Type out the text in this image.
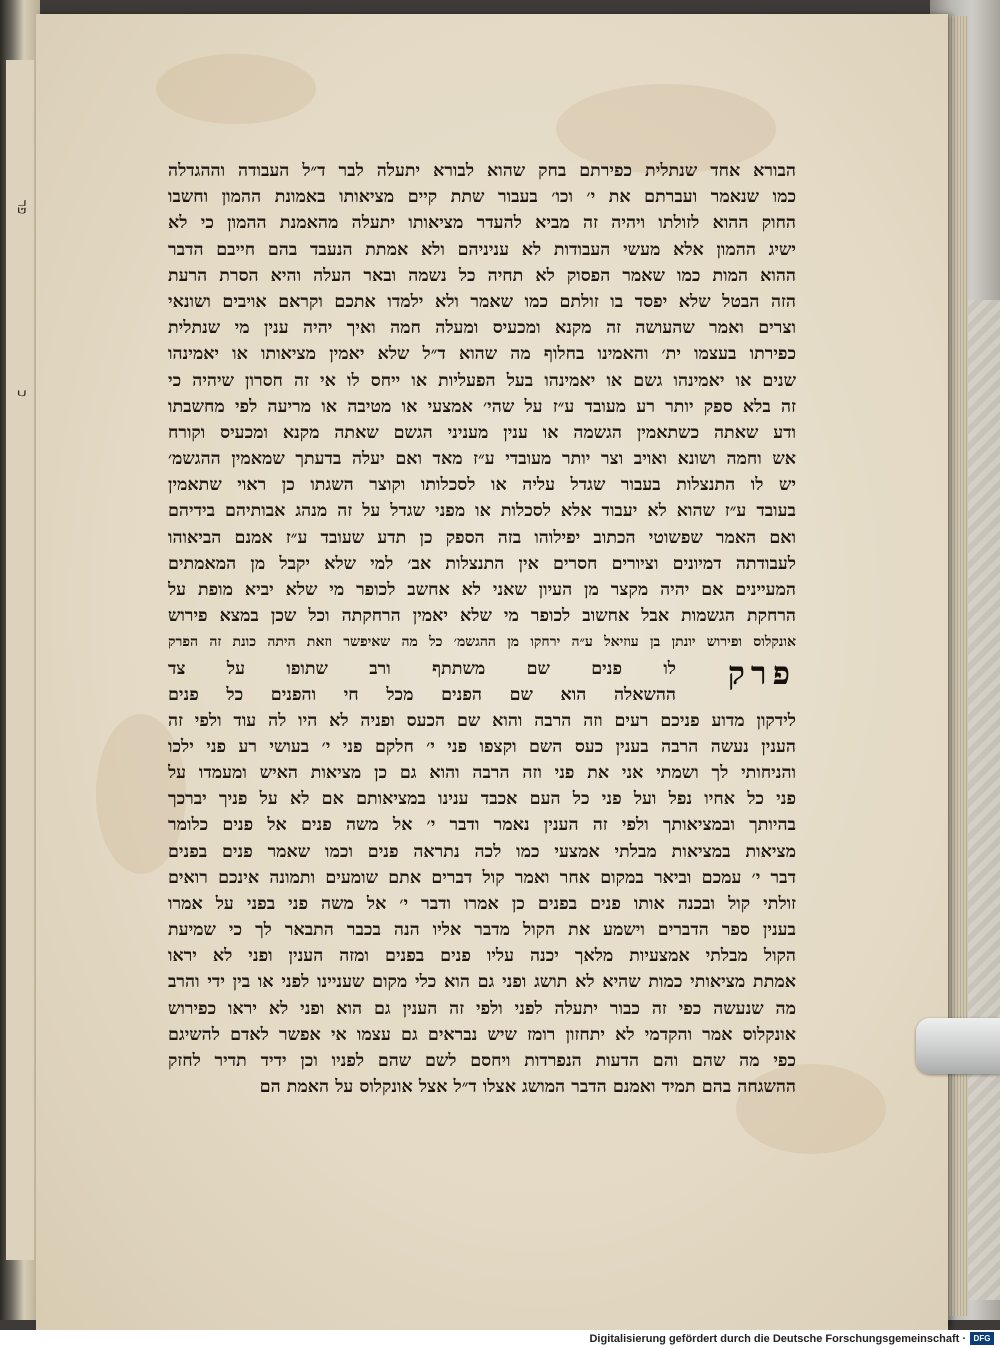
פר
כ
הבורא אחד שנתלית כפירתם בחק שהוא לבורא יתעלה לבר ד״ל העבודה וההגדלה
כמו שנאמר ועברתם את י׳ וכו׳ בעבור שתת קיים מציאותו באמונת ההמון וחשבו
החוק ההוא לזולתו ויהיה זה מביא להעדר מציאותו יתעלה מהאמנת ההמון כי לא
ישיג ההמון אלא מעשי העבודות לא עניניהם ולא אמתת הנעבד בהם חייבם הדבר
ההוא המות כמו שאמר הפסוק לא תחיה כל נשמה ובאר העלה והיא הסרת הרעת
הזה הבטל שלא יפסד בו זולתם כמו שאמר ולא ילמדו אתכם וקראם אויבים ושונאי
וצרים ואמר שהעושה זה מקנא ומכעיס ומעלה חמה ואיך יהיה ענין מי שנתלית
כפירתו בעצמו ית׳ והאמינו בחלוף מה שהוא ד״ל שלא יאמין מציאותו או יאמינהו
שנים או יאמינהו גשם או יאמינהו בעל הפעליות או ייחס לו אי זה חסרון שיהיה כי
זה בלא ספק יותר רע מעובד ע״ז על שהי׳ אמצעי או מטיבה או מריעה לפי מחשבתו
ודע שאתה כשתאמין הגשמה או ענין מעניני הגשם שאתה מקנא ומכעיס וקורח
אש וחמה ושונא ואויב וצר יותר מעובדי ע״ז מאד ואם יעלה בדעתך שמאמין ההגשמ׳
יש לו התנצלות בעבור שגדל עליה או לסכלותו וקוצר השגתו כן ראוי שתאמין
בעובד ע״ז שהוא לא יעבוד אלא לסכלות או מפני שגדל על זה מנהג אבותיהם בידיהם
ואם האמר שפשוטי הכתוב יפילוהו בזה הספק כן תדע שעובד ע״ז אמנם הביאוהו
לעבודתה דמיונים וציורים חסרים אין התנצלות אב׳ למי שלא יקבל מן המאמתים
המעיינים אם יהיה מקצר מן העיון שאני לא אחשב לכופר מי שלא יביא מופת על
הרחקת הגשמות אבל אחשוב לכופר מי שלא יאמין הרחקתה וכל שכן במצא פירוש
אונקלוס ופירוש יונתן בן עוזיאל ע״ה ירחקו מן ההגשמ׳ כל מה שאיפשר וזאת היתה כונת זה הפרק
פרק
לו פנים שם משתתף ורב שתופו על צד
ההשאלה הוא שם הפנים מכל חי והפנים כל פנים
לידקון מדוע פניכם רעים וזה הרבה והוא שם הכעס ופניה לא היו לה עוד ולפי זה
הענין נעשה הרבה בענין כעס השם וקצפו פני י׳ חלקם פני י׳ בעושי רע פני ילכו
והניחותי לך ושמתי אני את פני וזה הרבה והוא גם כן מציאות האיש ומעמדו על
פני כל אחיו נפל ועל פני כל העם אכבד ענינו במציאותם אם לא על פניך יברכך
בהיותך ובמציאותך ולפי זה הענין נאמר ודבר י׳ אל משה פנים אל פנים כלומר
מציאות במציאות מבלתי אמצעי כמו לכה נתראה פנים וכמו שאמר פנים בפנים
דבר י׳ עמכם וביאר במקום אחר ואמר קול דברים אתם שומעים ותמונה אינכם רואים
זולתי קול ובכנה אותו פנים בפנים כן אמרו ודבר י׳ אל משה פני בפני על אמרו
בענין ספר הדברים וישמע את הקול מדבר אליו הנה בכבר התבאר לך כי שמיעת
הקול מבלתי אמצעיות מלאך יכנה עליו פנים בפנים ומזה הענין ופני לא יראו
אמתת מציאותי כמות שהיא לא תושג ופני גם הוא כלי מקום שעניינו לפני או בין ידי והרב
מה שנעשה כפי זה כבור יתעלה לפני ולפי זה הענין גם הוא ופני לא יראו כפירוש
אונקלוס אמר והקדמי לא יתחזון רומז שיש נבראים גם עצמו אי אפשר לאדם להשיגם
כפי מה שהם והם הדעות הנפרדות ויחסם לשם שהם לפניו וכן ידיד תדיר לחזק
ההשגחה בהם תמיד ואמנם הדבר המושג אצלו ד״ל אצל אונקלוס על האמת הם
Digitalisierung gefördert durch die Deutsche Forschungsgemeinschaft · DFG
